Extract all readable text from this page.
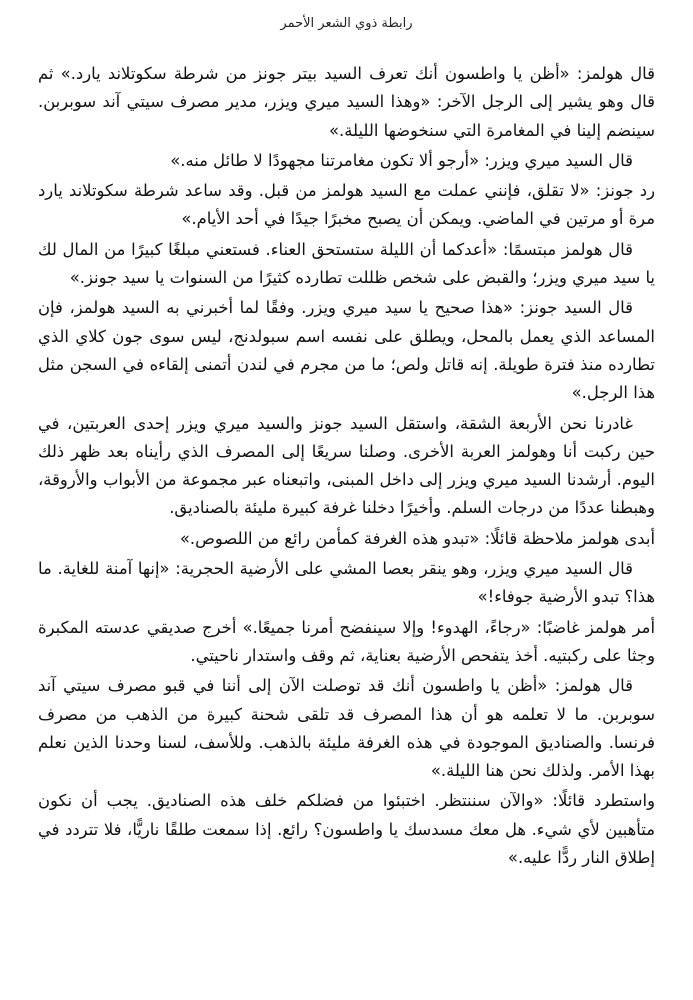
رابطة ذوي الشعر الأحمر

قال هولمز: «أظن يا واطسون أنك تعرف السيد بيتر جونز من شرطة سكوتلاند يارد.» ثم قال وهو يشير إلى الرجل الآخر: «وهذا السيد ميري ويزر، مدير مصرف سيتي آند سوبربن. سينضم إلينا في المغامرة التي سنخوضها الليلة.»

قال السيد ميري ويزر: «أرجو ألا تكون مغامرتنا مجهودًا لا طائل منه.»

رد جونز: «لا تقلق، فإنني عملت مع السيد هولمز من قبل. وقد ساعد شرطة سكوتلاند يارد مرة أو مرتين في الماضي. ويمكن أن يصبح مخبرًا جيدًا في أحد الأيام.»

قال هولمز مبتسمًا: «أعدكما أن الليلة ستستحق العناء. فستعني مبلغًا كبيرًا من المال لك يا سيد ميري ويزر؛ والقبض على شخص ظللت تطارده كثيرًا من السنوات يا سيد جونز.»

قال السيد جونز: «هذا صحيح يا سيد ميري ويزر. وفقًا لما أخبرني به السيد هولمز، فإن المساعد الذي يعمل بالمحل، ويطلق على نفسه اسم سبولدنج، ليس سوى جون كلاي الذي تطارده منذ فترة طويلة. إنه قاتل ولص؛ ما من مجرم في لندن أتمنى إلقاءه في السجن مثل هذا الرجل.»

غادرنا نحن الأربعة الشقة، واستقل السيد جونز والسيد ميري ويزر إحدى العربتين، في حين ركبت أنا وهولمز العربة الأخرى. وصلنا سريعًا إلى المصرف الذي رأيناه بعد ظهر ذلك اليوم. أرشدنا السيد ميري ويزر إلى داخل المبنى، واتبعناه عبر مجموعة من الأبواب والأروقة، وهبطنا عددًا من درجات السلم. وأخيرًا دخلنا غرفة كبيرة مليئة بالصناديق.

أبدى هولمز ملاحظة قائلًا: «تبدو هذه الغرفة كمأمن رائع من اللصوص.»

قال السيد ميري ويزر، وهو ينقر بعصا المشي على الأرضية الحجرية: «إنها آمنة للغاية. ما هذا؟ تبدو الأرضية جوفاء!»

أمر هولمز غاضبًا: «رجاءً، الهدوء! وإلا سينفضح أمرنا جميعًا.» أخرج صديقي عدسته المكبرة وجثا على ركبتيه. أخذ يتفحص الأرضية بعناية، ثم وقف واستدار ناحيتي.

قال هولمز: «أظن يا واطسون أنك قد توصلت الآن إلى أننا في قبو مصرف سيتي آند سوبربن. ما لا تعلمه هو أن هذا المصرف قد تلقى شحنة كبيرة من الذهب من مصرف فرنسا. والصناديق الموجودة في هذه الغرفة مليئة بالذهب. وللأسف، لسنا وحدنا الذين نعلم بهذا الأمر. ولذلك نحن هنا الليلة.»

واستطرد قائلًا: «والآن سننتظر. اختبئوا من فضلكم خلف هذه الصناديق. يجب أن نكون متأهبين لأي شيء. هل معك مسدسك يا واطسون؟ رائع. إذا سمعت طلقًا ناريًّا، فلا تتردد في إطلاق النار ردًّا عليه.»
